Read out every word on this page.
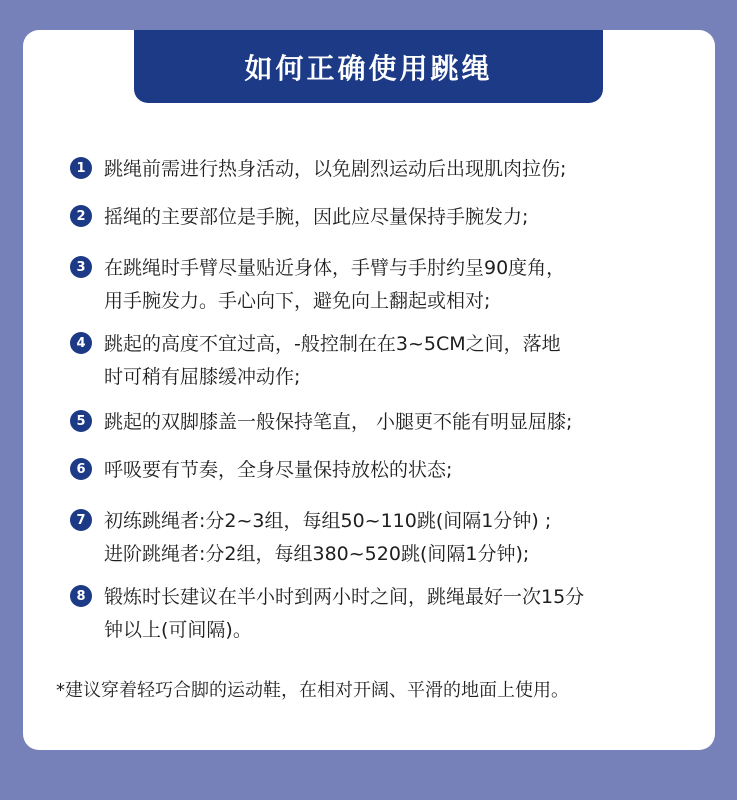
如何正确使用跳绳
1 跳绳前需进行热身活动，以免剧烈运动后出现肌肉拉伤;
2 摇绳的主要部位是手腕，因此应尽量保持手腕发力;
3 在跳绳时手臂尽量贴近身体，手臂与手肘约呈90度角，
用手腕发力。手心向下，避免向上翻起或相对;
4 跳起的高度不宜过高，-般控制在在3~5CM之间，落地
时可稍有屈膝缓冲动作;
5 跳起的双脚膝盖一般保持笔直， 小腿更不能有明显屈膝;
6 呼吸要有节奏，全身尽量保持放松的状态;
7 初练跳绳者:分2~3组，每组50~110跳(间隔1分钟) ;
进阶跳绳者:分2组，每组380~520跳(间隔1分钟);
8 锻炼时长建议在半小时到两小时之间，跳绳最好一次15分
钟以上(可间隔)。
*建议穿着轻巧合脚的运动鞋，在相对开阔、平滑的地面上使用。
